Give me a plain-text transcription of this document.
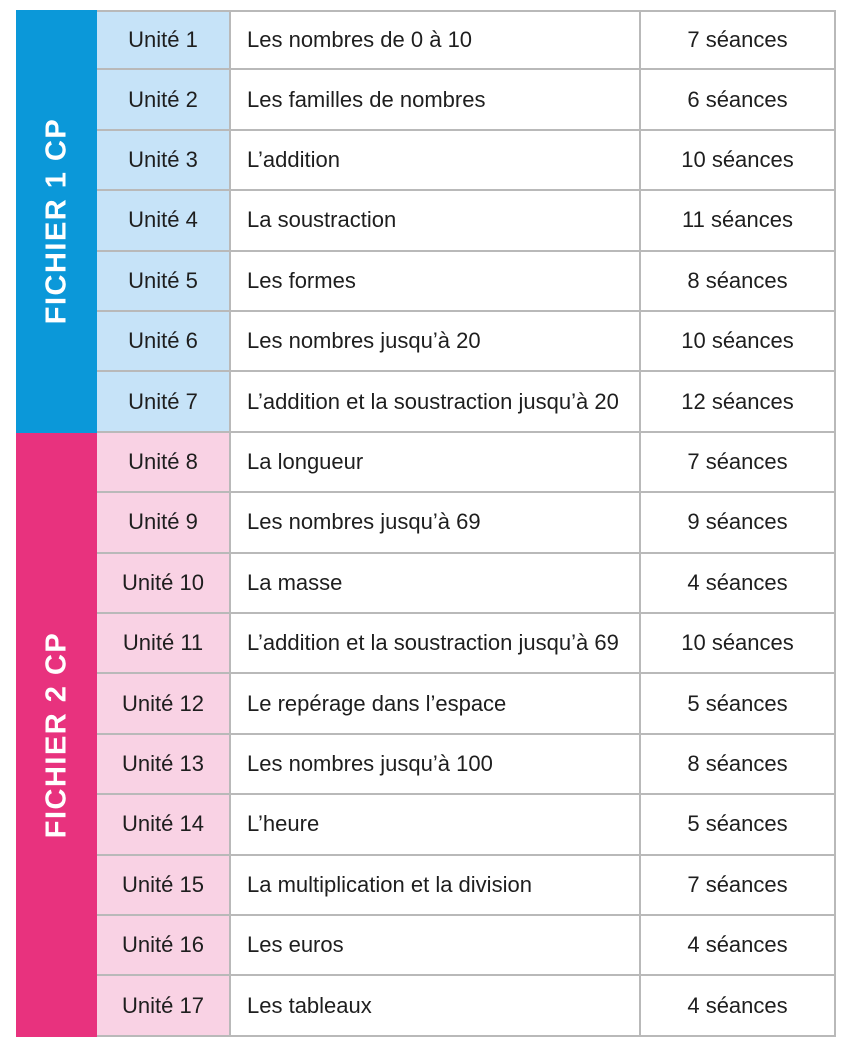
FICHIER 1 CP
FICHIER 2 CP
Unité 1	Les nombres de 0 à 10	7 séances
Unité 2	Les familles de nombres	6 séances
Unité 3	L’addition	10 séances
Unité 4	La soustraction	11 séances
Unité 5	Les formes	8 séances
Unité 6	Les nombres jusqu’à 20	10 séances
Unité 7	L’addition et la soustraction jusqu’à 20	12 séances
Unité 8	La longueur	7 séances
Unité 9	Les nombres jusqu’à 69	9 séances
Unité 10	La masse	4 séances
Unité 11	L’addition et la soustraction jusqu’à 69	10 séances
Unité 12	Le repérage dans l’espace	5 séances
Unité 13	Les nombres jusqu’à 100	8 séances
Unité 14	L’heure	5 séances
Unité 15	La multiplication et la division	7 séances
Unité 16	Les euros	4 séances
Unité 17	Les tableaux	4 séances
